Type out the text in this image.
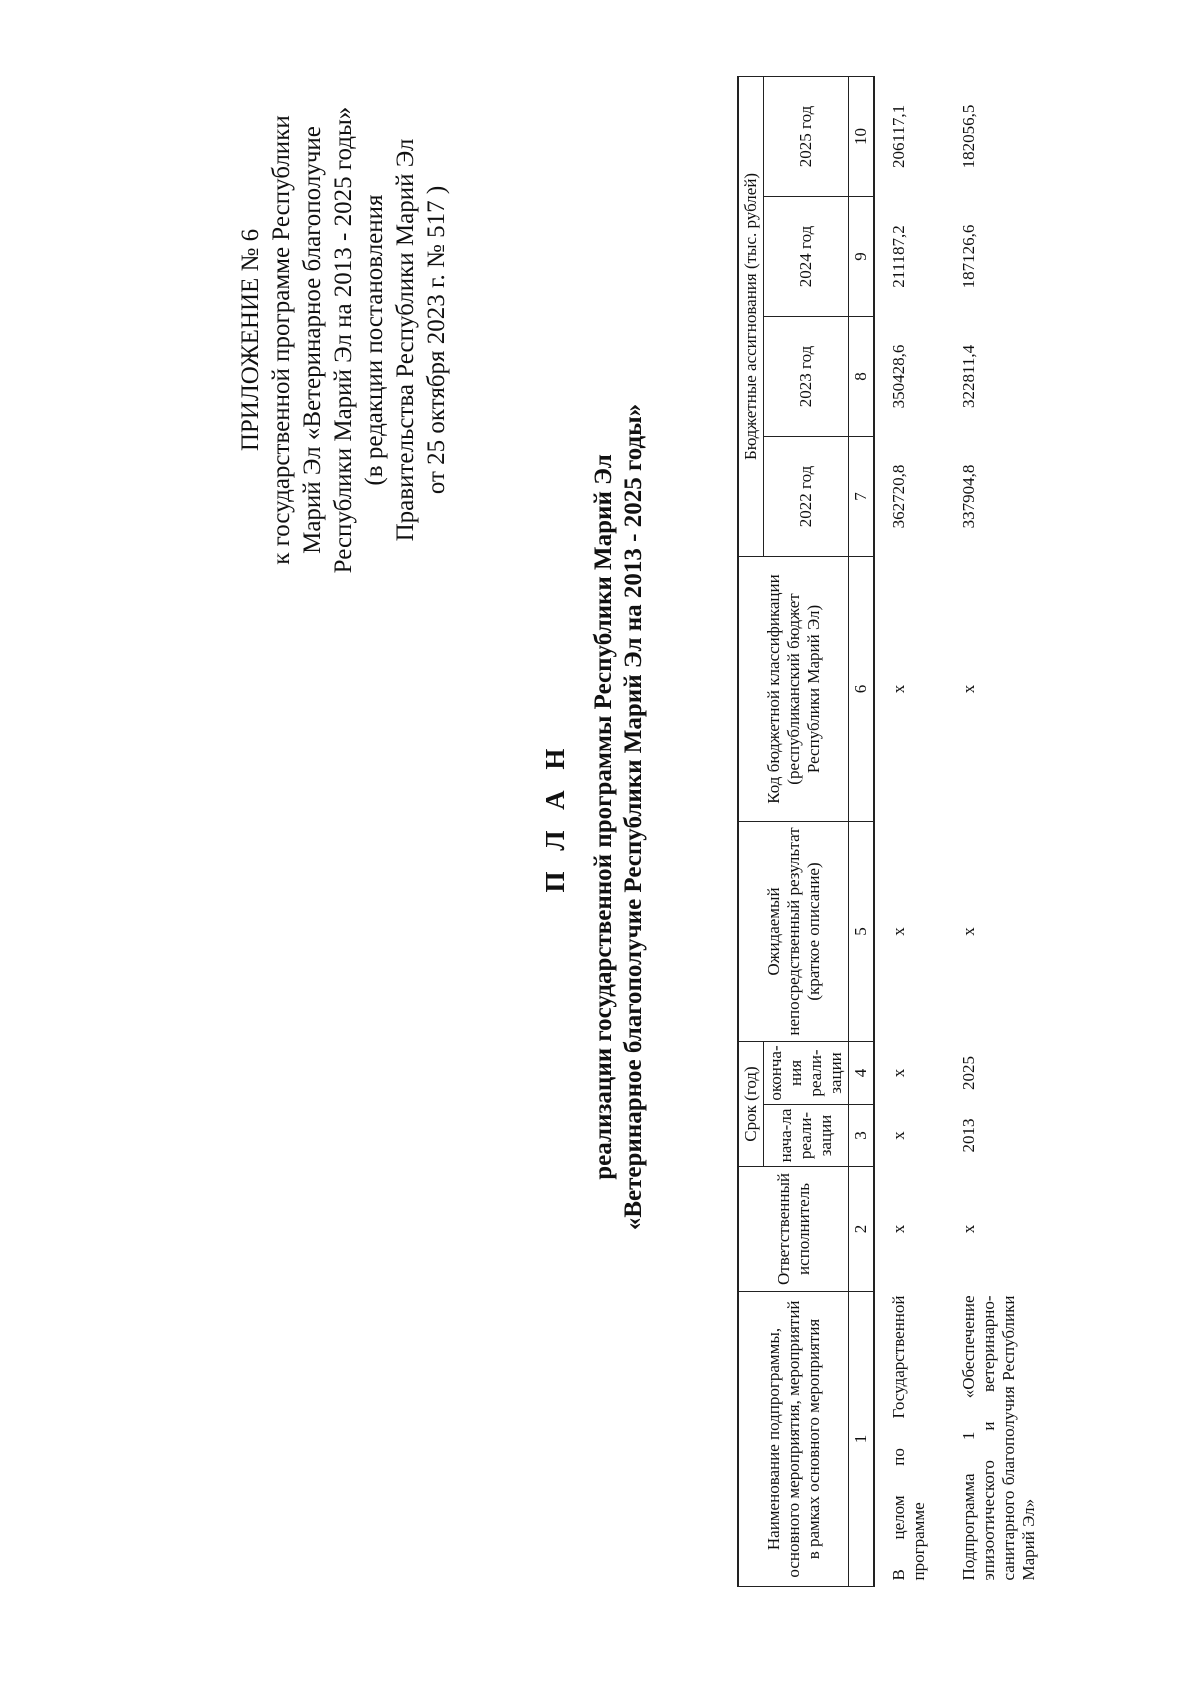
ПРИЛОЖЕНИЕ № 6 к государственной программе Республики Марий Эл «Ветеринарное благополучие Республики Марий Эл на 2013 - 2025 годы» (в редакции постановления Правительства Республики Марий Эл от 25 октября 2023 г. № 517 )
П Л А Н реализации государственной программы Республики Марий Эл «Ветеринарное благополучие Республики Марий Эл на 2013 - 2025 годы»
Наименование подпрограммы, основного мероприятия, мероприятий в рамках основного мероприятия	Ответственный исполнитель	Срок (год)		Ожидаемый непосредственный результат (краткое описание)	Код бюджетной классификации (республиканский бюджет Республики Марий Эл)	Бюджетные ассигнования (тыс. рублей)			
		нача-ла реали-зации	оконча-ния реали-зации			2022 год	2023 год	2024 год	2025 год

1	2	3	4	5	6	7	8	9	10
В целом по Государственной программе	х	х	х	х	х	362720,8	350428,6	211187,2	206117,1
Подпрограмма 1 «Обеспечение эпизоотического и ветеринарно-санитарного благополучия Республики Марий Эл»	х	2013	2025	х	х	337904,8	322811,4	187126,6	182056,5
